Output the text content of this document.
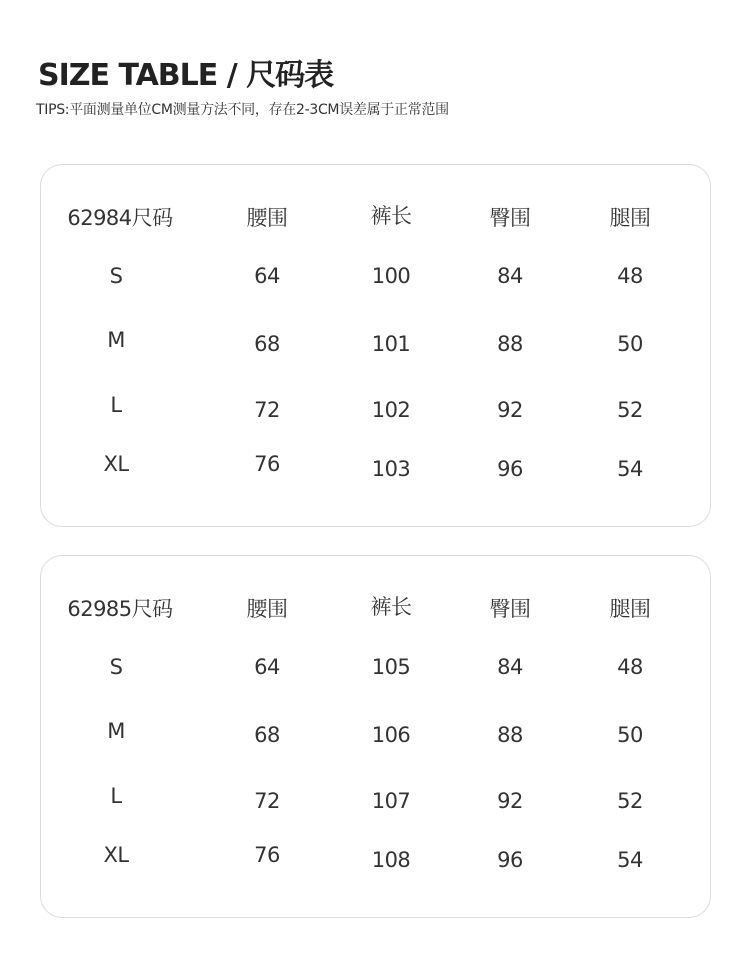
SIZE TABLE / 尺码表
TIPS:平面测量单位CM测量方法不同，存在2-3CM误差属于正常范围
62984尺码	腰围	裤长	臀围	腿围
S	64	100	84	48
M	68	101	88	50
L	72	102	92	52
XL	76	103	96	54
62985尺码	腰围	裤长	臀围	腿围
S	64	105	84	48
M	68	106	88	50
L	72	107	92	52
XL	76	108	96	54
